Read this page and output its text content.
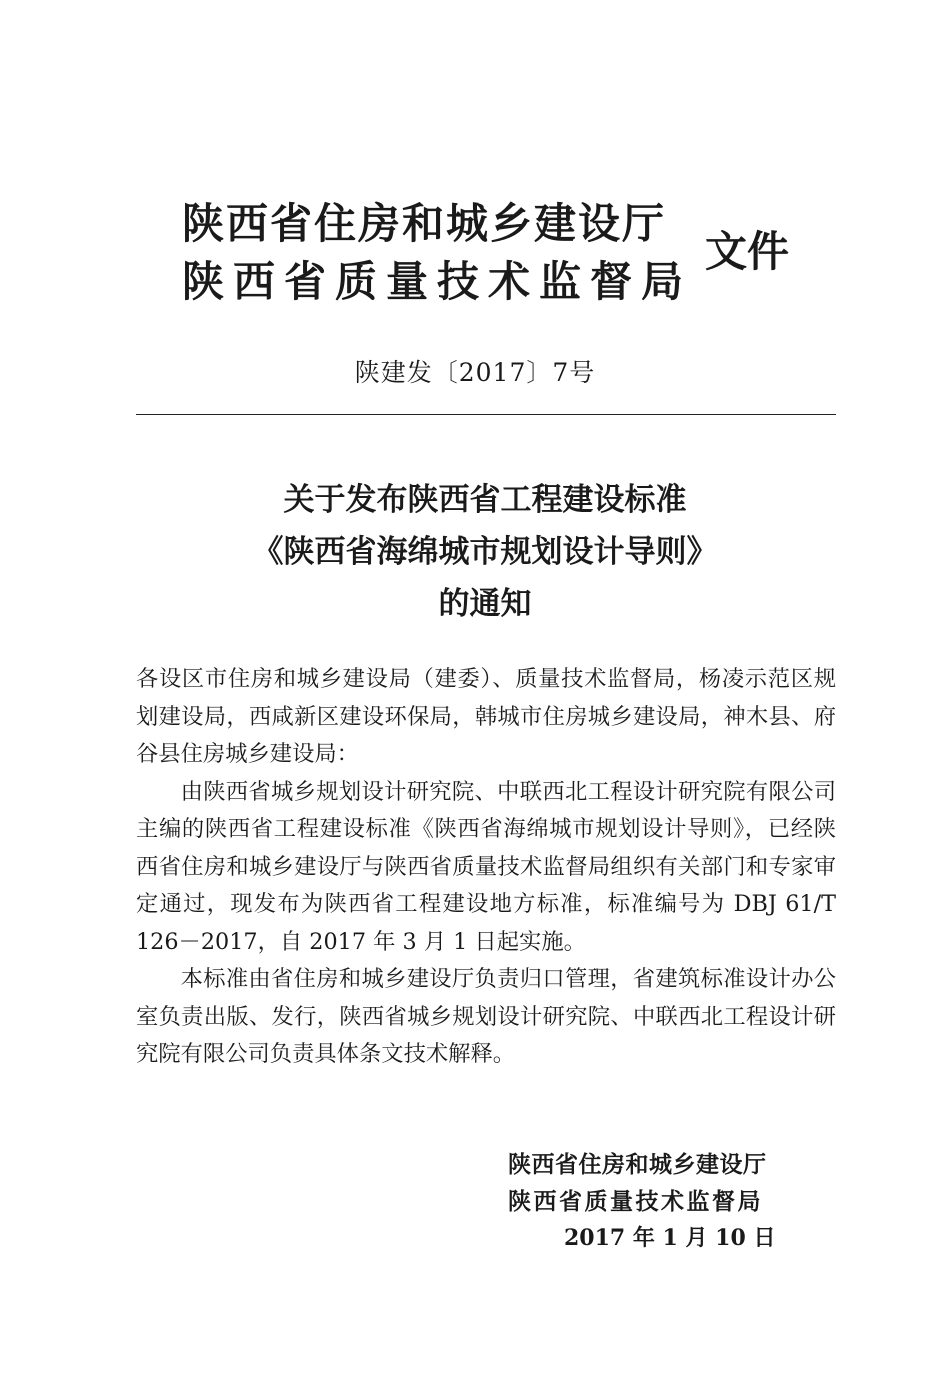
陕西省住房和城乡建设厅
陕西省质量技术监督局
文件
陕建发〔2017〕7号
关于发布陕西省工程建设标准
《陕西省海绵城市规划设计导则》
的通知

各设区市住房和城乡建设局（建委）、质量技术监督局，杨凌示范区规划建设局，西咸新区建设环保局，韩城市住房城乡建设局，神木县、府谷县住房城乡建设局：

由陕西省城乡规划设计研究院、中联西北工程设计研究院有限公司主编的陕西省工程建设标准《陕西省海绵城市规划设计导则》，已经陕西省住房和城乡建设厅与陕西省质量技术监督局组织有关部门和专家审定通过，现发布为陕西省工程建设地方标准，标准编号为 DBJ 61/T 126－2017，自 2017 年 3 月 1 日起实施。

本标准由省住房和城乡建设厅负责归口管理，省建筑标准设计办公室负责出版、发行，陕西省城乡规划设计研究院、中联西北工程设计研究院有限公司负责具体条文技术解释。

陕西省住房和城乡建设厅
陕西省质量技术监督局
2017 年 1 月 10 日
